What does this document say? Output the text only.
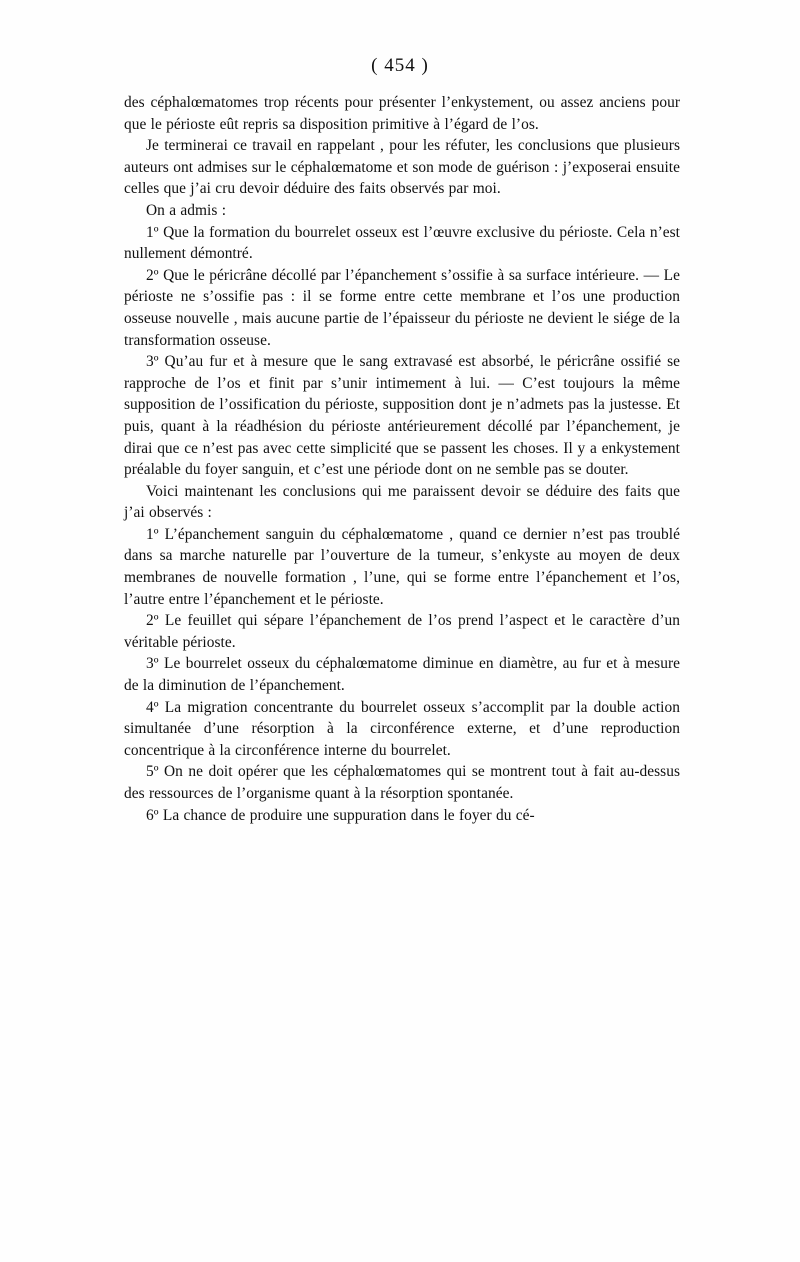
( 454 )

des céphalœmatomes trop récents pour présenter l’enkystement, ou assez anciens pour que le périoste eût repris sa disposition primitive à l’égard de l’os.

Je terminerai ce travail en rappelant , pour les réfuter, les conclusions que plusieurs auteurs ont admises sur le céphalœmatome et son mode de guérison : j’exposerai ensuite celles que j’ai cru devoir déduire des faits observés par moi.

On a admis :

1º Que la formation du bourrelet osseux est l’œuvre exclusive du périoste. Cela n’est nullement démontré.

2º Que le péricrâne décollé par l’épanchement s’ossifie à sa surface intérieure. — Le périoste ne s’ossifie pas : il se forme entre cette membrane et l’os une production osseuse nouvelle , mais aucune partie de l’épaisseur du périoste ne devient le siége de la transformation osseuse.

3º Qu’au fur et à mesure que le sang extravasé est absorbé, le péricrâne ossifié se rapproche de l’os et finit par s’unir intimement à lui. — C’est toujours la même supposition de l’ossification du périoste, supposition dont je n’admets pas la justesse. Et puis, quant à la réadhésion du périoste antérieurement décollé par l’épanchement, je dirai que ce n’est pas avec cette simplicité que se passent les choses. Il y a enkystement préalable du foyer sanguin, et c’est une période dont on ne semble pas se douter.

Voici maintenant les conclusions qui me paraissent devoir se déduire des faits que j’ai observés :

1º L’épanchement sanguin du céphalœmatome , quand ce dernier n’est pas troublé dans sa marche naturelle par l’ouverture de la tumeur, s’enkyste au moyen de deux membranes de nouvelle formation , l’une, qui se forme entre l’épanchement et l’os, l’autre entre l’épanchement et le périoste.

2º Le feuillet qui sépare l’épanchement de l’os prend l’aspect et le caractère d’un véritable périoste.

3º Le bourrelet osseux du céphalœmatome diminue en diamètre, au fur et à mesure de la diminution de l’épanchement.

4º La migration concentrante du bourrelet osseux s’accomplit par la double action simultanée d’une résorption à la circonférence externe, et d’une reproduction concentrique à la circonférence interne du bourrelet.

5º On ne doit opérer que les céphalœmatomes qui se montrent tout à fait au-dessus des ressources de l’organisme quant à la résorption spontanée.

6º La chance de produire une suppuration dans le foyer du cé-
